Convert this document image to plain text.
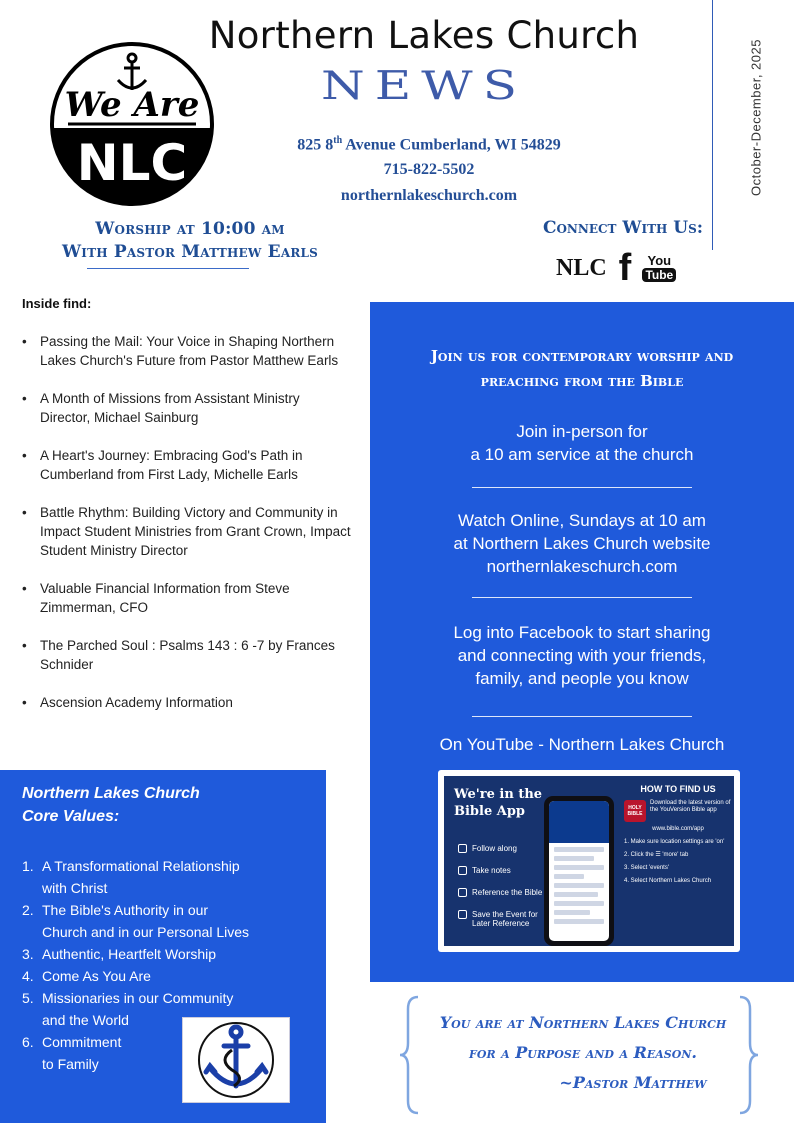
We Are
NLC
Northern Lakes Church
NEWS
825 8th Avenue Cumberland, WI 54829
715-822-5502
northernlakeschurch.com	October-December, 2025
Worship at 10:00 am
With Pastor Matthew Earls
Connect With Us:
NLC f You
Tube
Inside find:
• Passing the Mail: Your Voice in Shaping Northern Lakes Church's Future from Pastor Matthew Earls
• A Month of Missions from Assistant Ministry Director, Michael Sainburg
• A Heart's Journey: Embracing God's Path in Cumberland from First Lady, Michelle Earls
• Battle Rhythm: Building Victory and Community in Impact Student Ministries from Grant Crown, Impact Student Ministry Director
• Valuable Financial Information from Steve Zimmerman, CFO
• The Parched Soul : Psalms 143 : 6 -7 by Frances Schnider
• Ascension Academy Information
Northern Lakes Church
Core Values:
1. A Transformational Relationship
with Christ
2. The Bible's Authority in our
Church and in our Personal Lives
3. Authentic, Heartfelt Worship
4. Come As You Are
5. Missionaries in our Community
and the World
6. Commitment
to Family
Join us for contemporary worship and
preaching from the Bible
Join in-person for
a 10 am service at the church
Watch Online, Sundays at 10 am
at Northern Lakes Church website
northernlakeschurch.com
Log into Facebook to start sharing
and connecting with your friends,
family, and people you know
On YouTube - Northern Lakes Church
We're in the
Bible App
Follow along
Take notes
Reference the Bible
Save the Event for
Later Reference
HOW TO FIND US
HOLY BIBLE
Download the latest version of the YouVersion Bible app
www.bible.com/app
1. Make sure location settings are 'on'
2. Click the ☰ 'more' tab
3. Select 'events'
4. Select Northern Lakes Church
You are at Northern Lakes Church
for a Purpose and a Reason.
~Pastor Matthew
